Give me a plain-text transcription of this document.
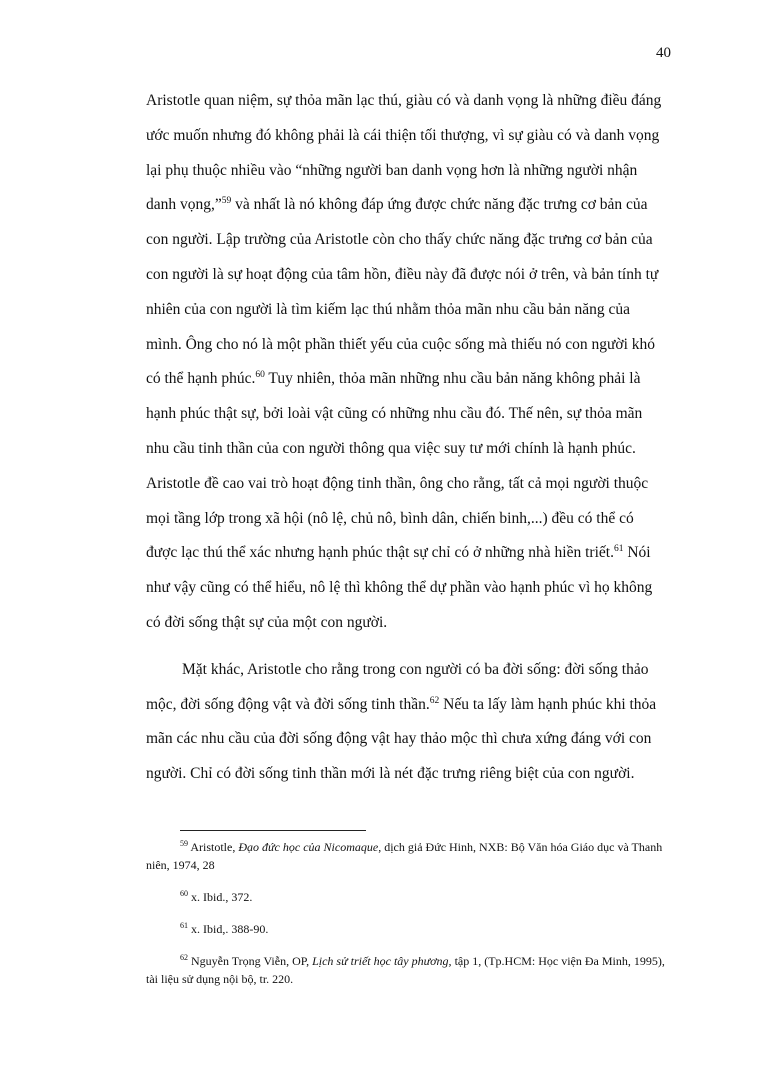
40

Aristotle quan niệm, sự thỏa mãn lạc thú, giàu có và danh vọng là những điều đáng ước muốn nhưng đó không phải là cái thiện tối thượng, vì sự giàu có và danh vọng lại phụ thuộc nhiều vào “những người ban danh vọng hơn là những người nhận danh vọng,”$^{59}$ và nhất là nó không đáp ứng được chức năng đặc trưng cơ bản của con người. Lập trường của Aristotle còn cho thấy chức năng đặc trưng cơ bản của con người là sự hoạt động của tâm hồn, điều này đã được nói ở trên, và bản tính tự nhiên của con người là tìm kiếm lạc thú nhằm thỏa mãn nhu cầu bản năng của mình. Ông cho nó là một phần thiết yếu của cuộc sống mà thiếu nó con người khó có thể hạnh phúc.$^{60}$ Tuy nhiên, thỏa mãn những nhu cầu bản năng không phải là hạnh phúc thật sự, bởi loài vật cũng có những nhu cầu đó. Thế nên, sự thỏa mãn nhu cầu tinh thần của con người thông qua việc suy tư mới chính là hạnh phúc. Aristotle đề cao vai trò hoạt động tinh thần, ông cho rằng, tất cả mọi người thuộc mọi tầng lớp trong xã hội (nô lệ, chủ nô, bình dân, chiến binh,...) đều có thể có được lạc thú thể xác nhưng hạnh phúc thật sự chỉ có ở những nhà hiền triết.$^{61}$ Nói như vậy cũng có thể hiểu, nô lệ thì không thể dự phần vào hạnh phúc vì họ không có đời sống thật sự của một con người.

Mặt khác, Aristotle cho rằng trong con người có ba đời sống: đời sống thảo mộc, đời sống động vật và đời sống tinh thần.$^{62}$ Nếu ta lấy làm hạnh phúc khi thỏa mãn các nhu cầu của đời sống động vật hay thảo mộc thì chưa xứng đáng với con người. Chỉ có đời sống tinh thần mới là nét đặc trưng riêng biệt của con người.

$^{59}$ Aristotle, Đạo đức học của Nicomaque, dịch giả Đức Hinh, NXB: Bộ Văn hóa Giáo dục và Thanh niên, 1974, 28

$^{60}$ x. Ibid., 372.

$^{61}$ x. Ibid,. 388-90.

$^{62}$ Nguyễn Trọng Viễn, OP, Lịch sử triết học tây phương, tập 1, (Tp.HCM: Học viện Đa Minh, 1995), tài liệu sử dụng nội bộ, tr. 220.
